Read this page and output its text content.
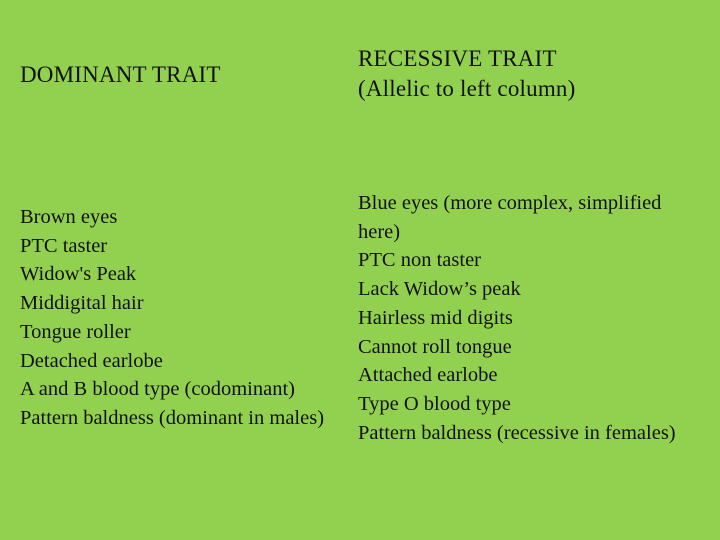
DOMINANT TRAIT
RECESSIVE TRAIT
(Allelic to left column)
Brown eyes
PTC taster
Widow's Peak
Middigital hair
Tongue roller
Detached earlobe
A and B blood type (codominant)
Pattern baldness (dominant in males)
Blue eyes (more complex, simplified here)
PTC non taster
Lack Widow’s peak
Hairless mid digits
Cannot roll tongue
Attached earlobe
Type O blood type
Pattern baldness (recessive in females)
